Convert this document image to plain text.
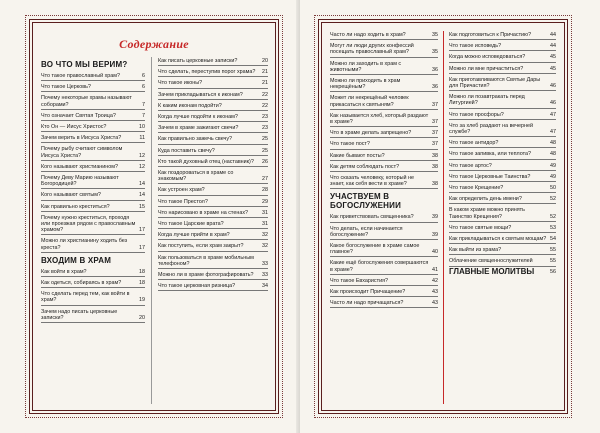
Содержание
ВО ЧТО МЫ ВЕРИМ?
Что такое православный храм?	6
Что такое Церковь?	6
Почему некоторые храмы называют соборами?	7
Что означает Святая Троица?	7
Кто Он — Иисус Христос?	10
Зачем верить в Иисуса Христа?	11
Почему рыбу считают символом Иисуса Христа?	12
Кого называют христианином?	12
Почему Деву Марию называют Богородицей?	14
Кого называют святым?	14
Как правильно креститься?	15
Почему нужно креститься, проходя или проезжая рядом с православным храмом?	17
Можно ли христианину ходить без креста?	17
ВХОДИМ В ХРАМ
Как войти в храм?	18
Как одеться, собираясь в храм?	18
Что сделать перед тем, как войти в храм?	19
Зачем надо писать церковные записки?	20
Как писать церковные записки?	20
Что сделать, переступив порог храма?	21
Что такое иконы?	21
Зачем прикладываться к иконам?	22
К каким иконам подойти?	22
Когда лучше подойти к иконам?	23
Зачем в храме зажигают свечи?	23
Как правильно зажечь свечу?	25
Куда поставить свечу?	25
Кто такой духовный отец (наставник)?	26
Как поздороваться в храме со знакомым?	27
Как устроен храм?	28
Что такое Престол?	29
Что нарисовано в храме на стенах?	31
Что такое Царские врата?	31
Когда лучше прийти в храм?	32
Как поступить, если храм закрыт?	32
Как пользоваться в храме мобильным телефоном?	33
Можно ли в храме фотографировать?	33
Что такое церковная ризница?	34
Часто ли надо ходить в храм?	35
Могут ли люди других конфессий посещать православный храм?	35
Можно ли заходить в храм с животными?	36
Можно ли приходить в храм некрещёным?	36
Может ли некрещёный человек прикасаться к святыням?	37
Как называется хлеб, который раздают в храме?	37
Что в храме делать запрещено?	37
Что такое пост?	37
Какие бывают посты?	38
Как детям соблюдать пост?	38
Что сказать человеку, который не знает, как себя вести в храме?	38
УЧАСТВУЕМ В БОГОСЛУЖЕНИИ
Как приветствовать священника?	39
Что делать, если начинается богослужение?	39
Какое богослужение в храме самое главное?	40
Какие ещё богослужения совершаются в храме?	41
Что такое Евхаристия?	42
Как происходит Причащение?	43
Часто ли надо причащаться?	43
Как подготовиться к Причастию?	44
Что такое исповедь?	44
Когда можно исповедоваться?	45
Можно ли мне причаститься?	45
Как приготавливаются Святые Дары для Причастия?	46
Можно ли позавтракать перед Литургией?	46
Что такое просфоры?	47
Что за хлеб раздают на вечерней службе?	47
Что такое антидор?	48
Что такое запивка, или теплота?	48
Что такое артос?	49
Что такое Церковные Таинства?	49
Что такое Крещение?	50
Как определить день имени?	52
В каком храме можно принять Таинство Крещения?	52
Что такое святые мощи?	53
Как прикладываться к святым мощам? 54
Как выйти из храма?	55
Облачение священнослужителей	55
ГЛАВНЫЕ МОЛИТВЫ	56
